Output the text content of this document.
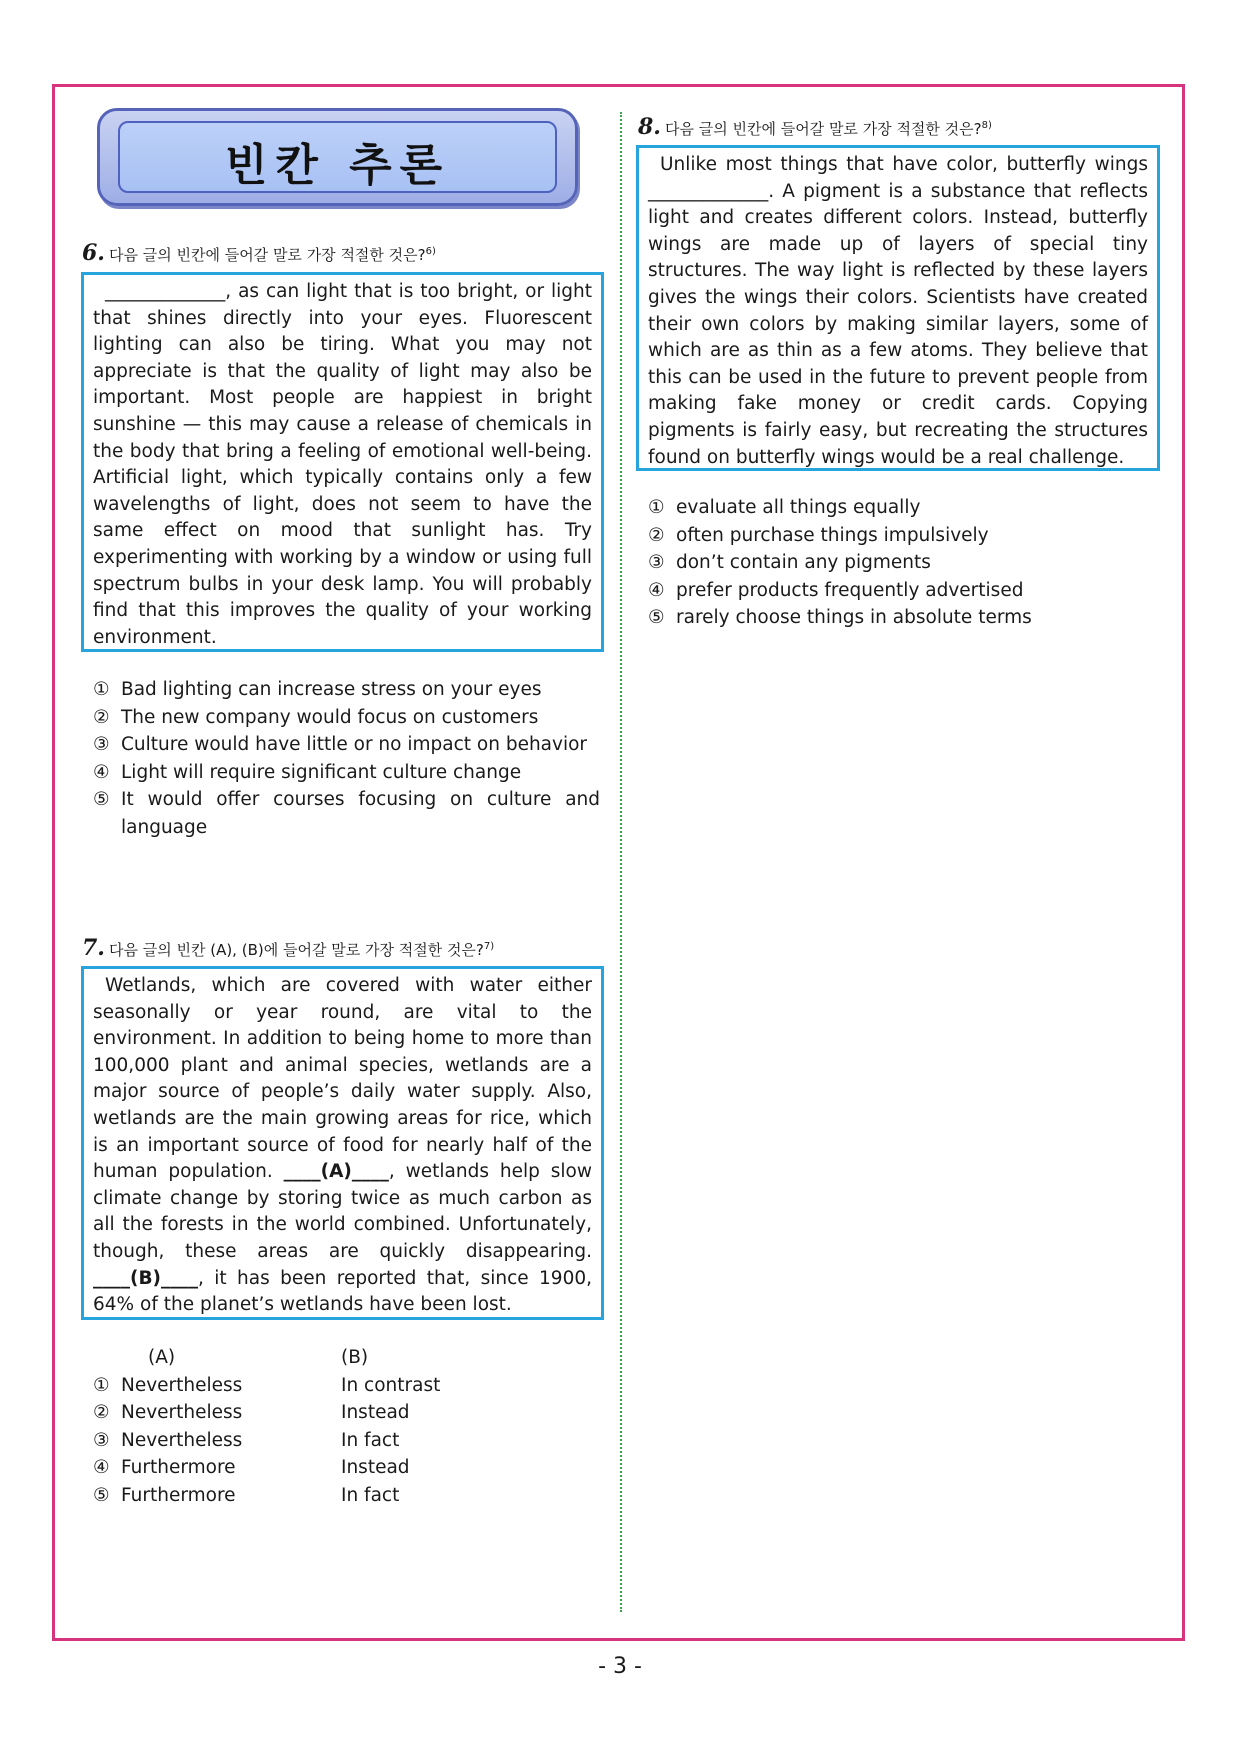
빈칸 추론
6. 다음 글의 빈칸에 들어갈 말로 가장 적절한 것은?$^{6)}$

_____________, as can light that is too bright, or light that shines directly into your eyes. Fluorescent lighting can also be tiring. What you may not appreciate is that the quality of light may also be important. Most people are happiest in bright sunshine — this may cause a release of chemicals in the body that bring a feeling of emotional well-being. Artificial light, which typically contains only a few wavelengths of light, does not seem to have the same effect on mood that sunlight has. Try experimenting with working by a window or using full spectrum bulbs in your desk lamp. You will probably find that this improves the quality of your working environment.

① Bad lighting can increase stress on your eyes
② The new company would focus on customers
③ Culture would have little or no impact on behavior
④ Light will require significant culture change
⑤ It would offer courses focusing on culture and language
7. 다음 글의 빈칸 (A), (B)에 들어갈 말로 가장 적절한 것은?$^{7)}$

Wetlands, which are covered with water either seasonally or year round, are vital to the environment. In addition to being home to more than 100,000 plant and animal species, wetlands are a major source of people’s daily water supply. Also, wetlands are the main growing areas for rice, which is an important source of food for nearly half of the human population. ____(A)____, wetlands help slow climate change by storing twice as much carbon as all the forests in the world combined. Unfortunately, though, these areas are quickly disappearing. ____(B)____, it has been reported that, since 1900, 64% of the planet’s wetlands have been lost.

(A)	(B)
① Nevertheless	In contrast
② Nevertheless	Instead
③ Nevertheless	In fact
④ Furthermore	Instead
⑤ Furthermore	In fact
8. 다음 글의 빈칸에 들어갈 말로 가장 적절한 것은?$^{8)}$

Unlike most things that have color, butterfly wings _____________. A pigment is a substance that reflects light and creates different colors. Instead, butterfly wings are made up of layers of special tiny structures. The way light is reflected by these layers gives the wings their colors. Scientists have created their own colors by making similar layers, some of which are as thin as a few atoms. They believe that this can be used in the future to prevent people from making fake money or credit cards. Copying pigments is fairly easy, but recreating the structures found on butterfly wings would be a real challenge.

① evaluate all things equally
② often purchase things impulsively
③ don’t contain any pigments
④ prefer products frequently advertised
⑤ rarely choose things in absolute terms
- 3 -
